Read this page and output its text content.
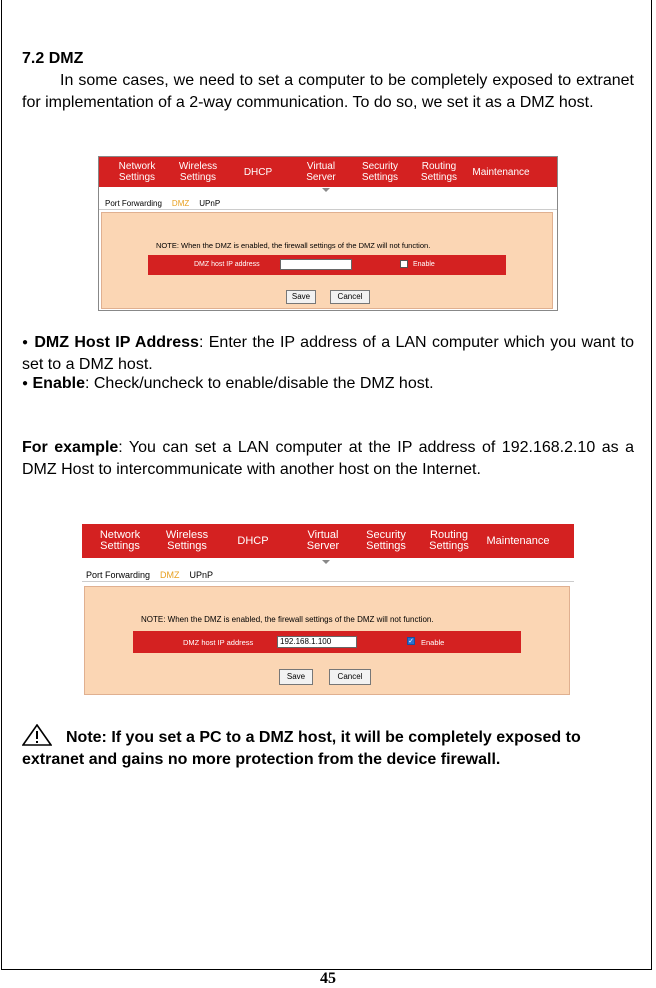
7.2 DMZ

In some cases, we need to set a computer to be completely exposed to extranet for implementation of a 2-way communication. To do so, we set it as a DMZ host.

Network
Settings
Wireless
Settings	DHCP	Virtual
Server
Security
Settings
Routing
Settings Maintenance
Port Forwarding DMZ UPnP
NOTE: When the DMZ is enabled, the firewall settings of the DMZ will not function.
DMZ host IP address	Enable
Save	Cancel

● DMZ Host IP Address: Enter the IP address of a LAN computer which you want to set to a DMZ host.

● Enable: Check/uncheck to enable/disable the DMZ host.

For example: You can set a LAN computer at the IP address of 192.168.2.10 as a DMZ Host to intercommunicate with another host on the Internet.

Network
Settings
Wireless
Settings	DHCP	Virtual
Server
Security
Settings
Routing
Settings Maintenance
Port Forwarding DMZ UPnP
NOTE: When the DMZ is enabled, the firewall settings of the DMZ will not function.
DMZ host IP address	192.168.1.100	✓ Enable
Save	Cancel

Note: If you set a PC to a DMZ host, it will be completely exposed to extranet and gains no more protection from the device firewall.

45
